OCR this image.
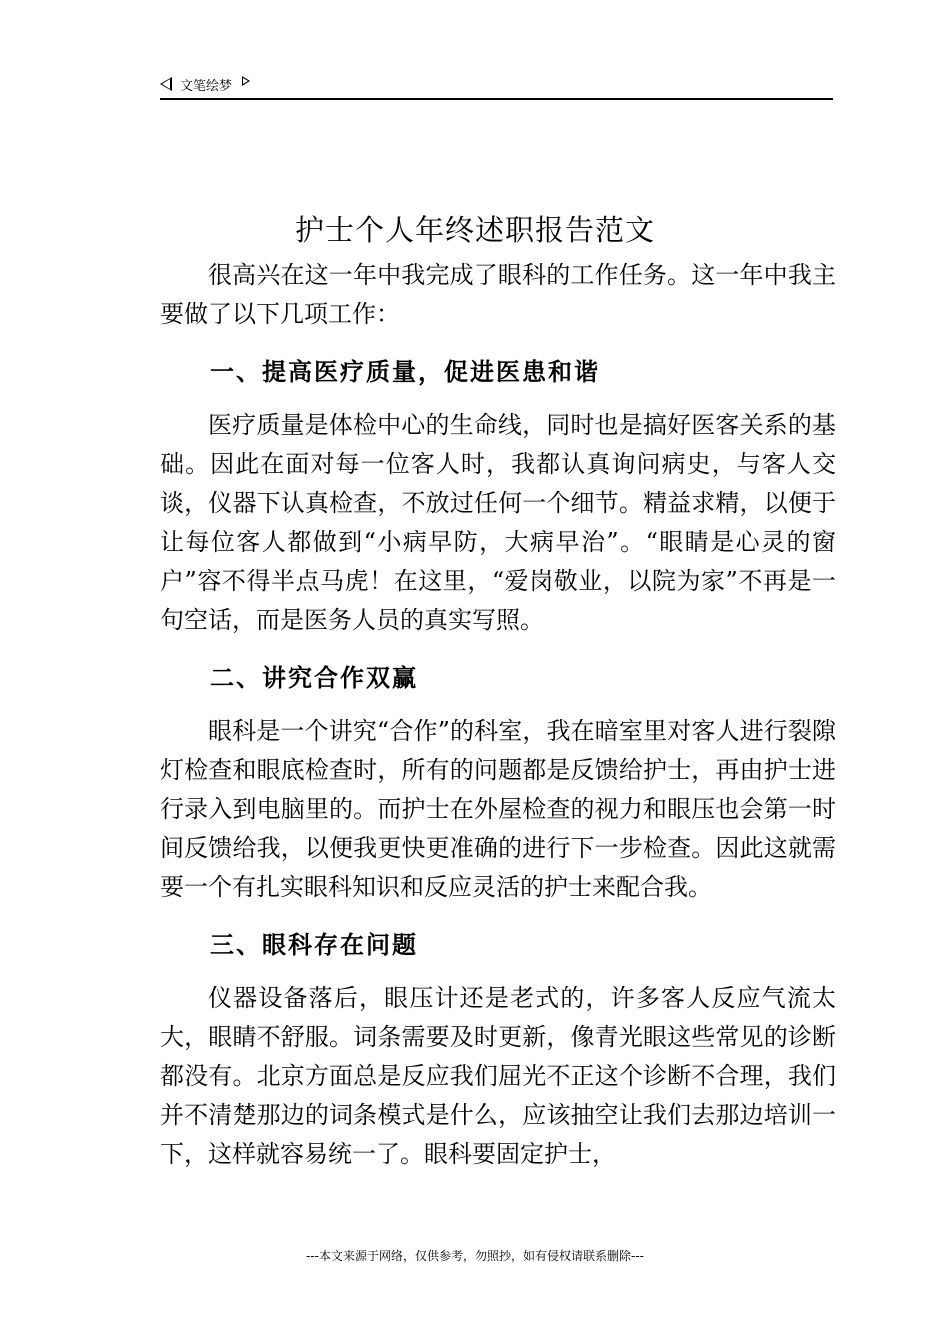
文笔绘梦
护士个人年终述职报告范文

很高兴在这一年中我完成了眼科的工作任务。这一年中我主要做了以下几项工作：

一、提高医疗质量，促进医患和谐

医疗质量是体检中心的生命线，同时也是搞好医客关系的基础。因此在面对每一位客人时，我都认真询问病史，与客人交谈，仪器下认真检查，不放过任何一个细节。精益求精，以便于让每位客人都做到“小病早防，大病早治”。“眼睛是心灵的窗户”容不得半点马虎！在这里，“爱岗敬业，以院为家”不再是一句空话，而是医务人员的真实写照。

二、讲究合作双赢

眼科是一个讲究“合作”的科室，我在暗室里对客人进行裂隙灯检查和眼底检查时，所有的问题都是反馈给护士，再由护士进行录入到电脑里的。而护士在外屋检查的视力和眼压也会第一时间反馈给我，以便我更快更准确的进行下一步检查。因此这就需要一个有扎实眼科知识和反应灵活的护士来配合我。

三、眼科存在问题

仪器设备落后，眼压计还是老式的，许多客人反应气流太大，眼睛不舒服。词条需要及时更新，像青光眼这些常见的诊断都没有。北京方面总是反应我们屈光不正这个诊断不合理，我们并不清楚那边的词条模式是什么，应该抽空让我们去那边培训一下，这样就容易统一了。眼科要固定护士，

---本文来源于网络，仅供参考，勿照抄，如有侵权请联系删除---
